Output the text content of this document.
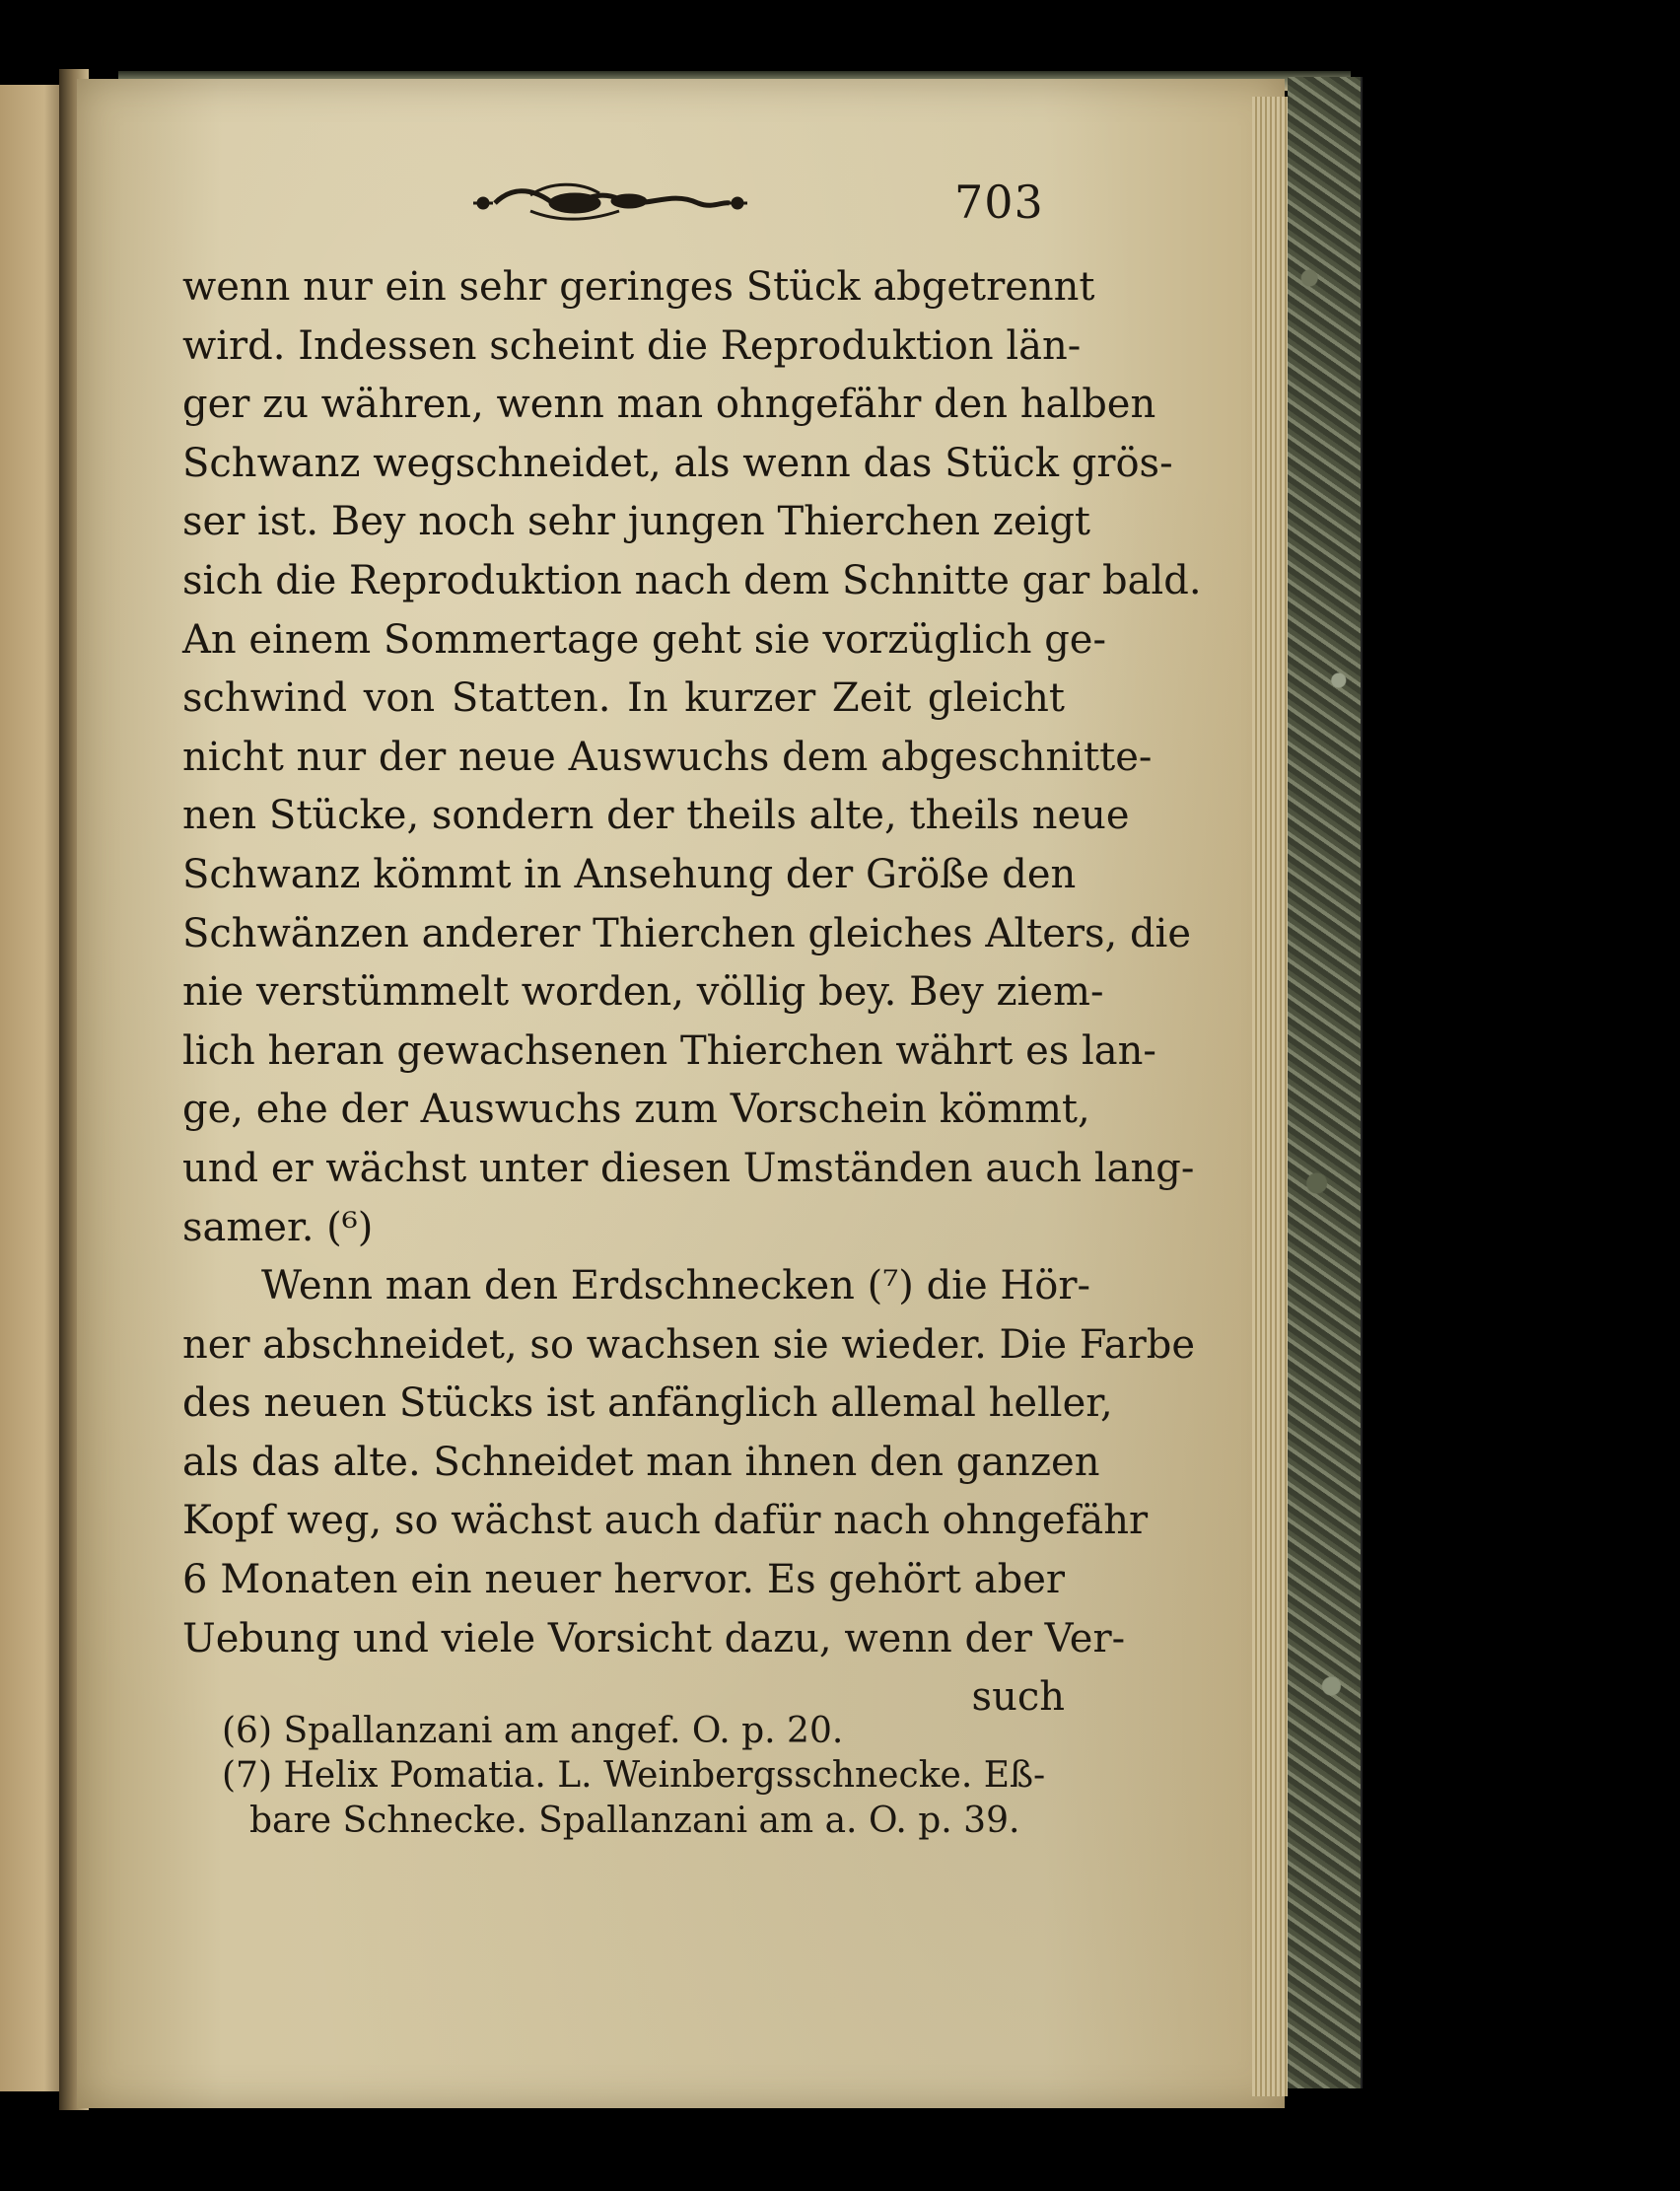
703
wenn nur ein sehr geringes Stück abgetrennt
wird. Indessen scheint die Reproduktion län-
ger zu währen, wenn man ohngefähr den halben
Schwanz wegschneidet, als wenn das Stück grös-
ser ist. Bey noch sehr jungen Thierchen zeigt
sich die Reproduktion nach dem Schnitte gar bald.
An einem Sommertage geht sie vorzüglich ge-
schwind von Statten. In kurzer Zeit gleicht
nicht nur der neue Auswuchs dem abgeschnitte-
nen Stücke, sondern der theils alte, theils neue
Schwanz kömmt in Ansehung der Größe den
Schwänzen anderer Thierchen gleiches Alters, die
nie verstümmelt worden, völlig bey. Bey ziem-
lich heran gewachsenen Thierchen währt es lan-
ge, ehe der Auswuchs zum Vorschein kömmt,
und er wächst unter diesen Umständen auch lang-
samer. (⁶)
Wenn man den Erdschnecken (⁷) die Hör-
ner abschneidet, so wachsen sie wieder. Die Farbe
des neuen Stücks ist anfänglich allemal heller,
als das alte. Schneidet man ihnen den ganzen
Kopf weg, so wächst auch dafür nach ohngefähr
6 Monaten ein neuer hervor. Es gehört aber
Uebung und viele Vorsicht dazu, wenn der Ver-
such
(6) Spallanzani am angef. O. p. 20.
(7) Helix Pomatia. L. Weinbergsschnecke. Eß-
bare Schnecke. Spallanzani am a. O. p. 39.
